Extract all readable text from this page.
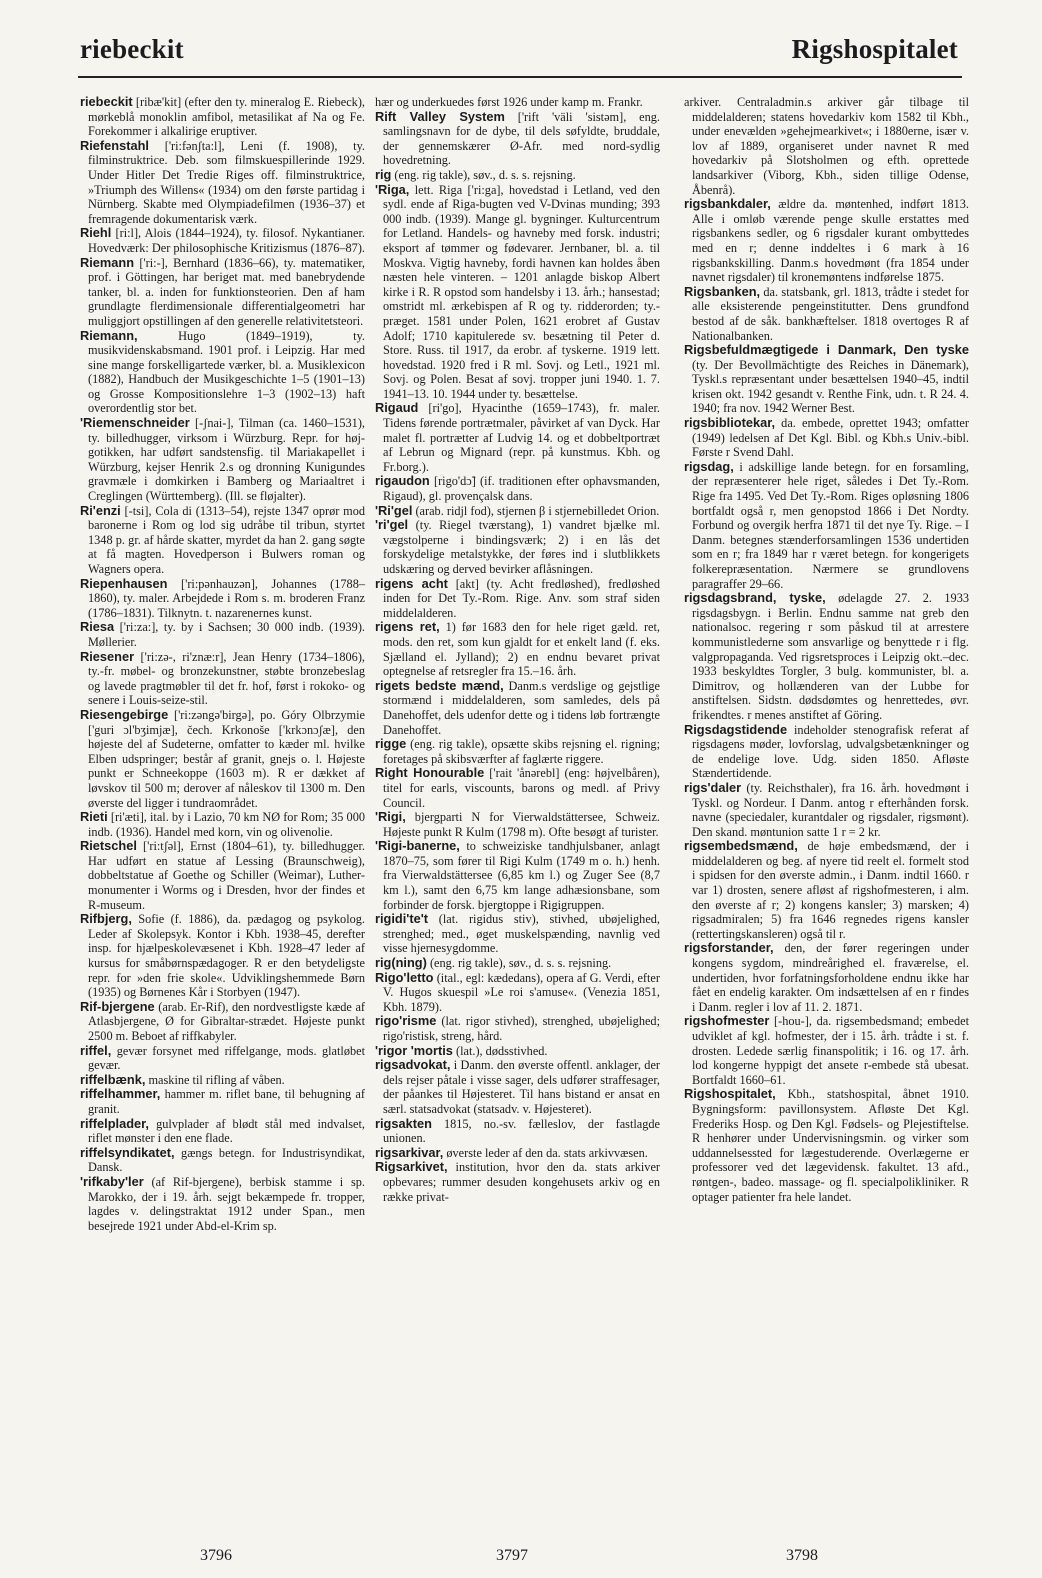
riebeckit	Rigshospitalet

riebeckit [ribæ'kit] (efter den ty. mineralog E. Riebeck), mørkeblå monoklin amfibol, metasilikat af Na og Fe. Forekommer i alkalirige eruptiver.

Riefenstahl ['ri:fənʃta:l], Leni (f. 1908), ty. filminstruktrice. Deb. som filmskuespillerinde 1929. Under Hitler Det Tredie Riges off. filminstruktrice, »Triumph des Willens« (1934) om den første partidag i Nürnberg. Skabte med Olympiadefilmen (1936–37) et fremragende dokumentarisk værk.

Riehl [ri:l], Alois (1844–1924), ty. filosof. Nykantianer. Hovedværk: Der philosophische Kritizismus (1876–87).

Riemann ['ri:-], Bernhard (1836–66), ty. matematiker, prof. i Göttingen, har beriget mat. med banebrydende tanker, bl. a. inden for funktionsteorien. Den af ham grundlagte flerdimensionale differentialgeometri har muliggjort opstillingen af den generelle relativitetsteori.

Riemann, Hugo (1849–1919), ty. musikvidenskabsmand. 1901 prof. i Leipzig. Har med sine mange forskelligartede værker, bl. a. Musiklexicon (1882), Handbuch der Musikgeschichte 1–5 (1901–13) og Grosse Kompositionslehre 1–3 (1902–13) haft overordentlig stor bet.

'Riemenschneider [-ʃnai-], Tilman (ca. 1460–1531), ty. billedhugger, virksom i Würzburg. Repr. for høj-gotikken, har udført sandstensfig. til Mariakapellet i Würzburg, kejser Henrik 2.s og dronning Kunigundes gravmæle i domkirken i Bamberg og Mariaaltret i Creglingen (Württemberg). (Ill. se fløjalter).

Ri'enzi [-tsi], Cola di (1313–54), rejste 1347 oprør mod baronerne i Rom og lod sig udråbe til tribun, styrtet 1348 p. gr. af hårde skatter, myrdet da han 2. gang søgte at få magten. Hovedperson i Bulwers roman og Wagners opera.

Riepenhausen ['ri:pənhauzən], Johannes (1788–1860), ty. maler. Arbejdede i Rom s. m. broderen Franz (1786–1831). Tilknytn. t. nazarenernes kunst.

Riesa ['ri:za:], ty. by i Sachsen; 30 000 indb. (1939). Møllerier.

Riesener ['ri:zə-, ri'znæ:r], Jean Henry (1734–1806), ty.-fr. møbel- og bronzekunstner, støbte bronzebeslag og lavede pragtmøbler til det fr. hof, først i rokoko- og senere i Louis-seize-stil.

Riesengebirge ['ri:zəngə'birgə], po. Góry Olbrzymie ['guri ɔl'bʒimjæ], čech. Krkonoše ['krkɔnɔʃæ], den højeste del af Sudeterne, omfatter to kæder ml. hvilke Elben udspringer; består af granit, gnejs o. l. Højeste punkt er Schneekoppe (1603 m). R er dækket af løvskov til 500 m; derover af nåleskov til 1300 m. Den øverste del ligger i tundraområdet.

Rieti [ri'æti], ital. by i Lazio, 70 km NØ for Rom; 35 000 indb. (1936). Handel med korn, vin og olivenolie.

Rietschel ['ri:tʃəl], Ernst (1804–61), ty. billedhugger. Har udført en statue af Lessing (Braunschweig), dobbeltstatue af Goethe og Schiller (Weimar), Luther-monumenter i Worms og i Dresden, hvor der findes et R-museum.

Rifbjerg, Sofie (f. 1886), da. pædagog og psykolog. Leder af Skolepsyk. Kontor i Kbh. 1938–45, derefter insp. for hjælpeskolevæsenet i Kbh. 1928–47 leder af kursus for småbørnspædagoger. R er den betydeligste repr. for »den frie skole«. Udviklingshemmede Børn (1935) og Børnenes Kår i Storbyen (1947).

Rif-bjergene (arab. Er-Rif), den nordvestligste kæde af Atlasbjergene, Ø for Gibraltar-strædet. Højeste punkt 2500 m. Beboet af riffkabyler.

riffel, gevær forsynet med riffelgange, mods. glatløbet gevær.

riffelbænk, maskine til rifling af våben.

riffelhammer, hammer m. riflet bane, til behugning af granit.

riffelplader, gulvplader af blødt stål med indvalset, riflet mønster i den ene flade.

riffelsyndikatet, gængs betegn. for Industrisyndikat, Dansk.

'rifkaby'ler (af Rif-bjergene), berbisk stamme i sp. Marokko, der i 19. årh. sejgt bekæmpede fr. tropper, lagdes v. delingstraktat 1912 under Span., men besejrede 1921 under Abd-el-Krim sp.

hær og underkuedes først 1926 under kamp m. Frankr.

Rift Valley System ['rift 'väli 'sistəm], eng. samlingsnavn for de dybe, til dels søfyldte, bruddale, der gennemskærer Ø-Afr. med nord-sydlig hovedretning.

rig (eng. rig takle), søv., d. s. s. rejsning.

'Riga, lett. Riga ['ri:ga], hovedstad i Letland, ved den sydl. ende af Riga-bugten ved V-Dvinas munding; 393 000 indb. (1939). Mange gl. bygninger. Kulturcentrum for Letland. Handels- og havneby med forsk. industri; eksport af tømmer og fødevarer. Jernbaner, bl. a. til Moskva. Vigtig havneby, fordi havnen kan holdes åben næsten hele vinteren. – 1201 anlagde biskop Albert kirke i R. R opstod som handelsby i 13. årh.; hansestad; omstridt ml. ærkebispen af R og ty. ridderorden; ty.-præget. 1581 under Polen, 1621 erobret af Gustav Adolf; 1710 kapitulerede sv. besætning til Peter d. Store. Russ. til 1917, da erobr. af tyskerne. 1919 lett. hovedstad. 1920 fred i R ml. Sovj. og Letl., 1921 ml. Sovj. og Polen. Besat af sovj. tropper juni 1940. 1. 7. 1941–13. 10. 1944 under ty. besættelse.

Rigaud [ri'go], Hyacinthe (1659–1743), fr. maler. Tidens førende portrætmaler, påvirket af van Dyck. Har malet fl. portrætter af Ludvig 14. og et dobbeltportræt af Lebrun og Mignard (repr. på kunstmus. Kbh. og Fr.borg.).

rigaudon [rigo'dɔ̃] (if. traditionen efter ophavsmanden, Rigaud), gl. provençalsk dans.

'Ri'gel (arab. ridjl fod), stjernen β i stjernebilledet Orion.

'ri'gel (ty. Riegel tværstang), 1) vandret bjælke ml. vægstolperne i bindingsværk; 2) i en lås det forskydelige metalstykke, der føres ind i slutblikkets udskæring og derved bevirker aflåsningen.

rigens acht [akt] (ty. Acht fredløshed), fredløshed inden for Det Ty.-Rom. Rige. Anv. som straf siden middelalderen.

rigens ret, 1) før 1683 den for hele riget gæld. ret, mods. den ret, som kun gjaldt for et enkelt land (f. eks. Sjælland el. Jylland); 2) en endnu bevaret privat optegnelse af retsregler fra 15.–16. årh.

rigets bedste mænd, Danm.s verdslige og gejstlige stormænd i middelalderen, som samledes, dels på Danehoffet, dels udenfor dette og i tidens løb fortrængte Danehoffet.

rigge (eng. rig takle), opsætte skibs rejsning el. rigning; foretages på skibsværfter af faglærte riggere.

Right Honourable ['rait 'ånərebl] (eng: højvelbåren), titel for earls, viscounts, barons og medl. af Privy Council.

'Rigi, bjergparti N for Vierwaldstättersee, Schweiz. Højeste punkt R Kulm (1798 m). Ofte besøgt af turister.

'Rigi-banerne, to schweiziske tandhjulsbaner, anlagt 1870–75, som fører til Rigi Kulm (1749 m o. h.) henh. fra Vierwaldstättersee (6,85 km l.) og Zuger See (8,7 km l.), samt den 6,75 km lange adhæsionsbane, som forbinder de forsk. bjergtoppe i Rigigruppen.

rigidi'te't (lat. rigidus stiv), stivhed, ubøjelighed, strenghed; med., øget muskelspænding, navnlig ved visse hjernesygdomme.

rig(ning) (eng. rig takle), søv., d. s. s. rejsning.

Rigo'letto (ital., egl: kædedans), opera af G. Verdi, efter V. Hugos skuespil »Le roi s'amuse«. (Venezia 1851, Kbh. 1879).

rigo'risme (lat. rigor stivhed), strenghed, ubøjelighed; rigo'ristisk, streng, hård.

'rigor 'mortis (lat.), dødsstivhed.

rigsadvokat, i Danm. den øverste offentl. anklager, der dels rejser påtale i visse sager, dels udfører straffesager, der påankes til Højesteret. Til hans bistand er ansat en særl. statsadvokat (statsadv. v. Højesteret).

rigsakten 1815, no.-sv. fælleslov, der fastlagde unionen.

rigsarkivar, øverste leder af den da. stats arkivvæsen.

Rigsarkivet, institution, hvor den da. stats arkiver opbevares; rummer desuden kongehusets arkiv og en række privat-

arkiver. Centraladmin.s arkiver går tilbage til middelalderen; statens hovedarkiv kom 1582 til Kbh., under enevælden »gehejmearkivet«; i 1880erne, især v. lov af 1889, organiseret under navnet R med hovedarkiv på Slotsholmen og efth. oprettede landsarkiver (Viborg, Kbh., siden tillige Odense, Åbenrå).

rigsbankdaler, ældre da. møntenhed, indført 1813. Alle i omløb værende penge skulle erstattes med rigsbankens sedler, og 6 rigsdaler kurant ombyttedes med en r; denne inddeltes i 6 mark à 16 rigsbankskilling. Danm.s hovedmønt (fra 1854 under navnet rigsdaler) til kronemøntens indførelse 1875.

Rigsbanken, da. statsbank, grl. 1813, trådte i stedet for alle eksisterende pengeinstitutter. Dens grundfond bestod af de såk. bankhæftelser. 1818 overtoges R af Nationalbanken.

Rigsbefuldmægtigede i Danmark, Den tyske (ty. Der Bevollmächtigte des Reiches in Dänemark), Tyskl.s repræsentant under besættelsen 1940–45, indtil krisen okt. 1942 gesandt v. Renthe Fink, udn. t. R 24. 4. 1940; fra nov. 1942 Werner Best.

rigsbibliotekar, da. embede, oprettet 1943; omfatter (1949) ledelsen af Det Kgl. Bibl. og Kbh.s Univ.-bibl. Første r Svend Dahl.

rigsdag, i adskillige lande betegn. for en forsamling, der repræsenterer hele riget, således i Det Ty.-Rom. Rige fra 1495. Ved Det Ty.-Rom. Riges opløsning 1806 bortfaldt også r, men genopstod 1866 i Det Nordty. Forbund og overgik herfra 1871 til det nye Ty. Rige. – I Danm. betegnes stænderforsamlingen 1536 undertiden som en r; fra 1849 har r været betegn. for kongerigets folkerepræsentation. Nærmere se grundlovens paragraffer 29–66.

rigsdagsbrand, tyske, ødelagde 27. 2. 1933 rigsdagsbygn. i Berlin. Endnu samme nat greb den nationalsoc. regering r som påskud til at arrestere kommunistlederne som ansvarlige og benyttede r i flg. valgpropaganda. Ved rigsretsproces i Leipzig okt.–dec. 1933 beskyldtes Torgler, 3 bulg. kommunister, bl. a. Dimitrov, og hollænderen van der Lubbe for anstiftelsen. Sidstn. dødsdømtes og henrettedes, øvr. frikendtes. r menes anstiftet af Göring.

Rigsdagstidende indeholder stenografisk referat af rigsdagens møder, lovforslag, udvalgsbetænkninger og de endelige love. Udg. siden 1850. Afløste Stændertidende.

rigs'daler (ty. Reichsthaler), fra 16. årh. hovedmønt i Tyskl. og Nordeur. I Danm. antog r efterhånden forsk. navne (speciedaler, kurantdaler og rigsdaler, rigsmønt). Den skand. møntunion satte 1 r = 2 kr.

rigsembedsmænd, de høje embedsmænd, der i middelalderen og beg. af nyere tid reelt el. formelt stod i spidsen for den øverste admin., i Danm. indtil 1660. r var 1) drosten, senere afløst af rigshofmesteren, i alm. den øverste af r; 2) kongens kansler; 3) marsken; 4) rigsadmiralen; 5) fra 1646 regnedes rigens kansler (rettertingskansleren) også til r.

rigsforstander, den, der fører regeringen under kongens sygdom, mindreårighed el. fraværelse, el. undertiden, hvor forfatningsforholdene endnu ikke har fået en endelig karakter. Om indsættelsen af en r findes i Danm. regler i lov af 11. 2. 1871.

rigshofmester [-hou-], da. rigsembedsmand; embedet udviklet af kgl. hofmester, der i 15. årh. trådte i st. f. drosten. Ledede særlig finanspolitik; i 16. og 17. årh. lod kongerne hyppigt det ansete r-embede stå ubesat. Bortfaldt 1660–61.

Rigshospitalet, Kbh., statshospital, åbnet 1910. Bygningsform: pavillonsystem. Afløste Det Kgl. Frederiks Hosp. og Den Kgl. Fødsels- og Plejestiftelse. R henhører under Undervisningsmin. og virker som uddannelsessted for lægestuderende. Overlægerne er professorer ved det lægevidensk. fakultet. 13 afd., røntgen-, badeo. massage- og fl. specialpolikliniker. R optager patienter fra hele landet.

3796	3797	3798
